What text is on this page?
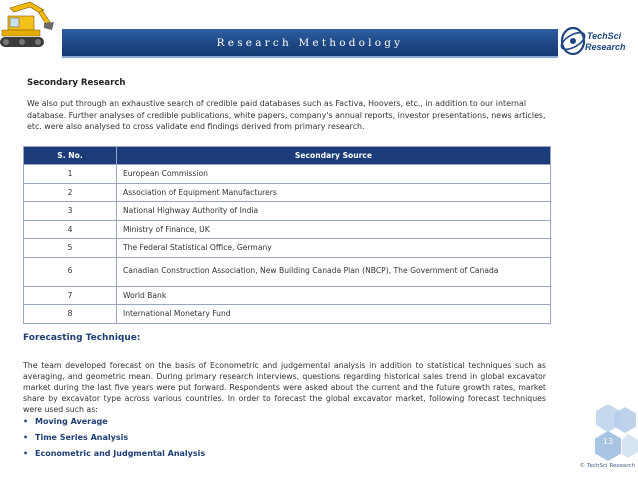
Research Methodology
TechSci
Research
Secondary Research

We also put through an exhaustive search of credible paid databases such as Factiva, Hoovers, etc., in addition to our internal database. Further analyses of credible publications, white papers, company's annual reports, investor presentations, news articles, etc. were also analysed to cross validate end findings derived from primary research.

S. No.	Secondary Source
1	European Commission
2	Association of Equipment Manufacturers
3	National Highway Authority of India
4	Ministry of Finance, UK
5	The Federal Statistical Office, Germany
6	Canadian Construction Association, New Building Canada Plan (NBCP), The Government of Canada
7	World Bank
8	International Monetary Fund
Forecasting Technique:

The team developed forecast on the basis of Econometric and judgemental analysis in addition to statistical techniques such as averaging, and geometric mean. During primary research interviews, questions regarding historical sales trend in global excavator market during the last five years were put forward. Respondents were asked about the current and the future growth rates, market share by excavator type across various countries. In order to forecast the global excavator market, following forecast techniques were used such as:

• Moving Average
• Time Series Analysis
• Econometric and Judgmental Analysis
13
© TechSci Research
